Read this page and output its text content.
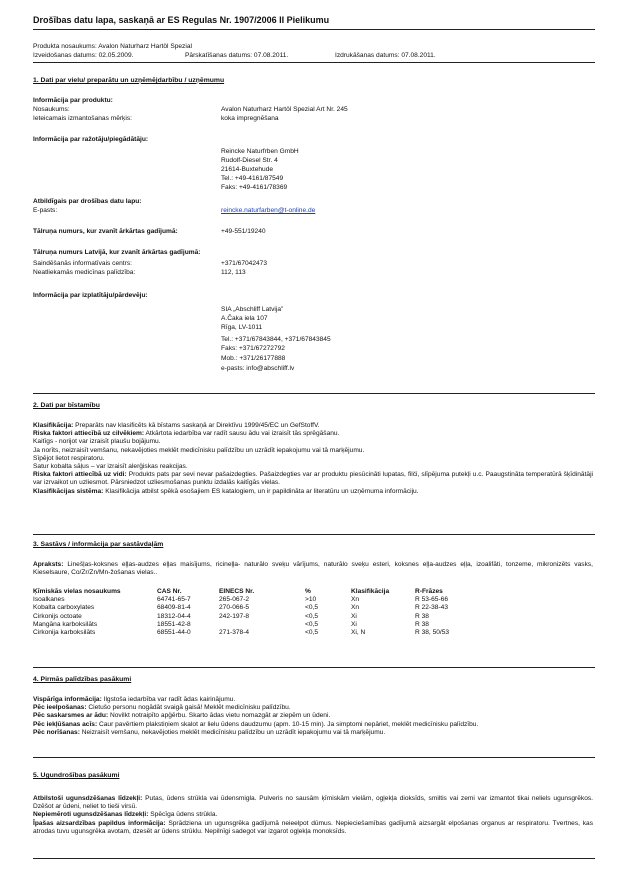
Drošības datu lapa, saskaņā ar ES Regulas Nr. 1907/2006 II Pielikumu
Produkta nosaukums: Avalon Naturharz Hartöl Spezial
Izveidošanas datums: 02.05.2009.	Pārskatīšanas datums: 07.08.2011.	Izdrukāšanas datums: 07.08.2011.
1. Dati par vielu/ preparātu un uzņēmējdarbību / uzņēmumu
Informācija par produktu:
Nosaukums:	Avalon Naturharz Hartöl Spezial Art Nr. 245
Ieteicamais izmantošanas mērķis:	koka impregnēšana
Informācija par ražotāju/piegādātāju:
Reincke Naturfrben GmbH
Rudolf-Diesel Str. 4
21614-Buxtehude
Tel.: +49-4161/87549
Faks: +49-4161/78369
Atbildīgais par drošības datu lapu:
E-pasts:	reincke.naturfarben@t-online.de
Tālruņa numurs, kur zvanīt ārkārtas gadījumā:	+49-551/19240
Tālruņa numurs Latvijā, kur zvanīt ārkārtas gadījumā:
Saindēšanās informatīvais centrs:	+371/67042473
Neatliekamās medicīnas palīdzība:	112, 113
Informācija par izplatītāju/pārdevēju:
SIA „Abschliff Latvija”
A.Čaka iela 107
Rīga, LV-1011
Tel.: +371/67843844, +371/67843845
Faks: +371/67272792
Mob.: +371/26177888
e-pasts: info@abschliff.lv
2. Dati par bīstamību

Klasifikācija: Preparāts nav klasificēts kā bīstams saskaņā ar Direktīvu 1999/45/EC un GefStoffV.

Riska faktori attiecībā uz cilvēkiem: Atkārtota iedarbība var radīt sausu ādu vai izraisīt tās sprēgāšanu.

Kaitīgs - norijot var izraisīt plaušu bojājumu.

Ja norīts, neizraisīt vemšanu, nekavējoties meklēt medicīnisku palīdzību un uzrādīt iepakojumu vai tā marķējumu.

Sīpējot lietot respiratoru.

Satur kobalta sāļus – var izraisīt alerģiskas reakcijas.

Riska faktori attiecībā uz vidi: Produkts pats par sevi nevar pašaizdegties. Pašaizdegties var ar produktu piesūcināti lupatas, filči, slīpējuma putekļi u.c. Paaugstināta temperatūrā šķīdinātāji var izrvaikot un uzliesmot. Pārsniedzot uzliesmošanas punktu izdalās kaitīgās vielas.

Klasifikācijas sistēma: Klasifikācija atbilst spēkā esošajiem ES katalogiem, un ir papildināta ar literatūru un uzņēmuma informāciju.

3. Sastāvs / informācija par sastāvdaļām

Apraksts: Linešļas-koksnes eļļas-audzes eļļas maisījums, ricineļļa- naturālo sveķu vārījums, naturālo sveķu esteri, koksnes eļļa-audzes eļļa, izoalifāti, tonzeme, mikronizēts vasks, Kieselsaure, Co/Zr/Zn/Mn-žošanas vielas..

Ķīmiskās vielas nosaukums	CAS Nr.	EINECS Nr.	%	Klasifikācija	R-Frāzes
Isoalkanes	64741-65-7	265-067-2	>10	Xn	R 53-65-66
Kobalta carboxylates	68409-81-4	270-066-5	<0,5	Xn	R 22-38-43
Cirkonijs octoate	18312-04-4	242-197-8	<0,5	Xi	R 38
Mangāna karboksilāts	18551-42-8		<0,5	Xi	R 38
Cirkonija karboksilāts	68551-44-0	271-378-4	<0,5	Xi, N	R 38, 50/53
4. Pirmās palīdzības pasākumi

Vispārīga informācija: Ilgstoša iedarbība var radīt ādas kairinājumu.

Pēc ieelpošanas: Cietušo personu nogādāt svaigā gaisā! Meklēt medicīnisku palīdzību.

Pēc saskarsmes ar ādu: Novilkt notraipīto apģērbu. Skarto ādas vietu nomazgāt ar ziepēm un ūdeni.

Pēc iekļūšanas acīs: Caur pavērtiem plakstiņiem skalot ar lielu ūdens daudzumu (apm. 10-15 min). Ja simptomi nepāriet, meklēt medicīnisku palīdzību.

Pēc norīšanas: Neizraisīt vemšanu, nekavējoties meklēt medicīnisku palīdzību un uzrādīt iepakojumu vai tā marķējumu.

5. Ugundrošības pasākumi

Atbilstoši ugunsdzēšanas līdzekļi: Putas, ūdens strūkla vai ūdensmigla. Pulveris no sausām ķīmiskām vielām, ogļekļa dioksīds, smiltis vai zemi var izmantot tikai neliels ugunsgrēkos. Dzēšot ar ūdeni, neliet to tieši virsū.

Nepiemēroti ugunsdzēšanas līdzekļi: Spēcīga ūdens strūkla.

Īpašas aizsardzības papildus informācija: Sprādziena un ugunsgrēka gadījumā neieelpot dūmus. Nepieciešamības gadījumā aizsargāt elpošanas organus ar respiratoru. Tvertnes, kas atrodas tuvu ugunsgrēka avotam, dzesēt ar ūdens strūklu. Nepilnīgi sadegot var izgarot ogļekļa monoksīds.
